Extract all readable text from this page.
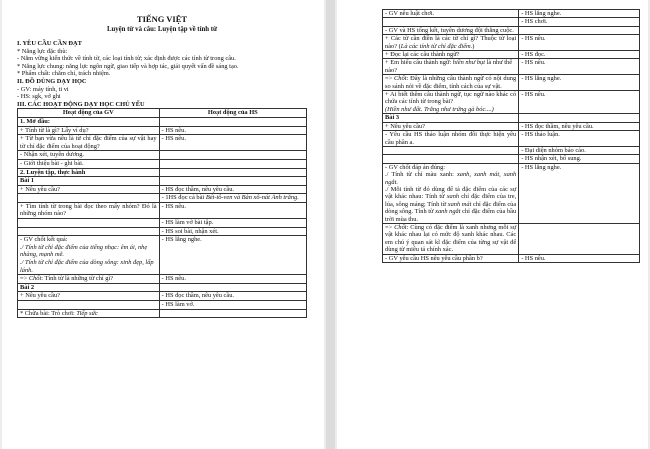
TIẾNG VIỆT
Luyện từ và câu: Luyện tập về tính từ
I. YÊU CẦU CẦN ĐẠT
* Năng lực đặc thù:
- Nắm vững kiến thức về tính từ, các loại tính từ; xác định được các tính từ trong câu.
* Năng lực chung: năng lực ngôn ngữ, giao tiếp và hợp tác, giải quyết vấn đề sáng tạo.
* Phẩm chất: chăm chỉ, trách nhiệm.
II. ĐỒ DÙNG DẠY HỌC
- GV: máy tính, ti vi
- HS: sgk, vở ghi
III. CÁC HOẠT ĐỘNG DẠY HỌC CHỦ YẾU
Hoạt động của GV	Hoạt động của HS
1. Mở đầu:	
+ Tính từ là gì? Lấy ví dụ?	- HS nêu.
+ Từ bạn vừa nêu là từ chỉ đặc điểm của sự vật hay từ chỉ đặc điểm của hoạt động?	- HS nêu.
- Nhận xét, tuyên dương.	
- Giới thiệu bài - ghi bài.	
2. Luyện tập, thực hành	
Bài 1	
+ Nêu yêu cầu?	- HS đọc thầm, nêu yêu cầu.
	- 1HS đọc cả bài Bét-tô-ven và Bản xô-nát Ánh trăng.
+ Tìm tính từ trong bài đọc theo mấy nhóm? Đó là những nhóm nào?	- HS nêu.
	- HS làm vở bài tập.
	- HS soi bài, nhận xét.

- GV chốt kết quả:
./ Tính từ chỉ đặc điểm của tiếng nhạc: êm ái, nhẹ nhàng, mạnh mẽ.
./ Tính từ chỉ đặc điểm của dòng sông: xinh đẹp, lấp lánh.	- HS lắng nghe.
=> Chốt: Tính từ là những từ chỉ gì?	- HS nêu.
Bài 2	
+ Nêu yêu cầu?	- HS đọc thầm, nêu yêu cầu.
	- HS làm vở.
* Chữa bài: Trò chơi: Tiếp sức	
- GV nêu luật chơi.	- HS lắng nghe.
	- HS chơi.
- GV và HS tổng kết, tuyên dương đội thắng cuộc.	
+ Các từ cần điền là các từ chỉ gì? Thuộc từ loại nào? (Là các tính từ chỉ đặc điểm.)	- HS nêu.
+ Đọc lại các câu thành ngữ?	- HS đọc.
+ Em hiểu câu thành ngữ: hiền như bụt là như thế nào?	- HS nêu.
=> Chốt: Đây là những câu thành ngữ có nội dung so sánh nói về đặc điểm, tính cách của sự vật.	- HS lắng nghe.

+ Ai biết thêm câu thành ngữ, tục ngữ nào khác có chứa các tính từ trong bài?
(Hiền như đất. Trắng như trứng gà bóc....)	- HS nêu.
Bài 3	
+ Nêu yêu cầu?	- HS đọc thầm, nêu yêu cầu.
- Yêu cầu HS thảo luận nhóm đôi thực hiện yêu cầu phần a.	- HS thảo luận.
	- Đại diện nhóm báo cáo.
	- HS nhận xét, bổ sung.

- GV chốt đáp án đúng:
./ Tính từ chỉ màu xanh: xanh, xanh mát, xanh ngắt.
./ Mỗi tính từ đó dùng để tả đặc điểm của các sự vật khác nhau: Tính từ xanh chỉ đặc điểm của tre, lúa, sông máng; Tính từ xanh mát chỉ đặc điểm của dòng sông. Tính từ xanh ngắt chỉ đặc điểm của bầu trời mùa thu.	- HS lắng nghe.
=> Chốt: Cùng có đặc điểm là xanh nhưng mỗi sự vật khác nhau lại có mức độ xanh khác nhau. Các em chú ý quan sát kĩ đặc điểm của từng sự vật để dùng từ miêu tả chính xác.	
- GV yêu cầu HS nêu yêu cầu phần b?	- HS nêu.
